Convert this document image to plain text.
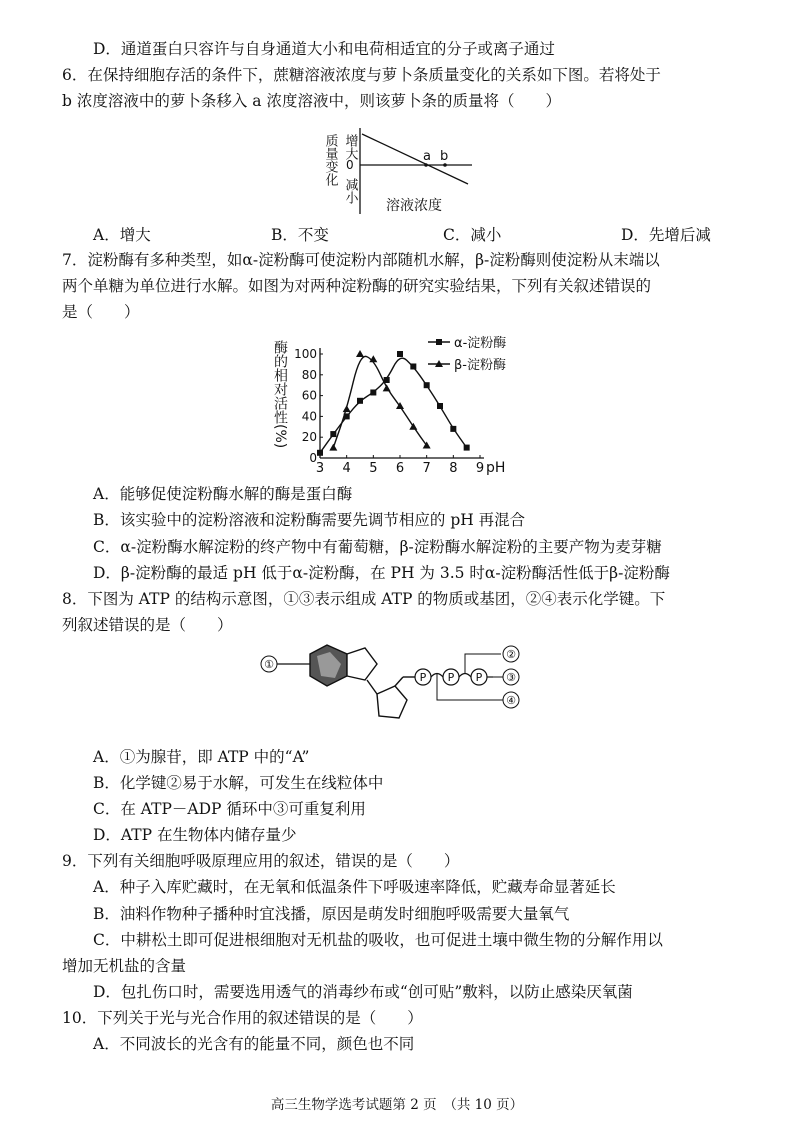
D．通道蛋白只容许与自身通道大小和电荷相适宜的分子或离子通过
6．在保持细胞存活的条件下，蔗糖溶液浓度与萝卜条质量变化的关系如下图。若将处于
b 浓度溶液中的萝卜条移入 a 浓度溶液中，则该萝卜条的质量将（　　）
质量变化 增大
0
减小
a b
溶液浓度
A．增大	B．不变	C．减小	D．先增后减
7．淀粉酶有多种类型，如α-淀粉酶可使淀粉内部随机水解，β-淀粉酶则使淀粉从末端以
两个单糖为单位进行水解。如图为对两种淀粉酶的研究实验结果，下列有关叙述错误的
是（　　）
酶的相对活性(%)
3 4 5 6 7 8 9 pH
0
20
40
60
80
100
α-淀粉酶
β-淀粉酶
A．能够促使淀粉酶水解的酶是蛋白酶
B．该实验中的淀粉溶液和淀粉酶需要先调节相应的 pH 再混合
C．α-淀粉酶水解淀粉的终产物中有葡萄糖，β-淀粉酶水解淀粉的主要产物为麦芽糖
D．β-淀粉酶的最适 pH 低于α-淀粉酶，在 PH 为 3.5 时α-淀粉酶活性低于β-淀粉酶
8．下图为 ATP 的结构示意图，①③表示组成 ATP 的物质或基团，②④表示化学键。下
列叙述错误的是（　　）
①
P P P
②
③
④
A．①为腺苷，即 ATP 中的“A”
B．化学键②易于水解，可发生在线粒体中
C．在 ATP－ADP 循环中③可重复利用
D．ATP 在生物体内储存量少
9．下列有关细胞呼吸原理应用的叙述，错误的是（　　）
A．种子入库贮藏时，在无氧和低温条件下呼吸速率降低，贮藏寿命显著延长
B．油料作物种子播种时宜浅播，原因是萌发时细胞呼吸需要大量氧气
C．中耕松土即可促进根细胞对无机盐的吸收，也可促进土壤中微生物的分解作用以
增加无机盐的含量
D．包扎伤口时，需要选用透气的消毒纱布或“创可贴”敷料，以防止感染厌氧菌
10．下列关于光与光合作用的叙述错误的是（　　）
A．不同波长的光含有的能量不同，颜色也不同
高三生物学选考试题第 2 页　（共 10 页）
